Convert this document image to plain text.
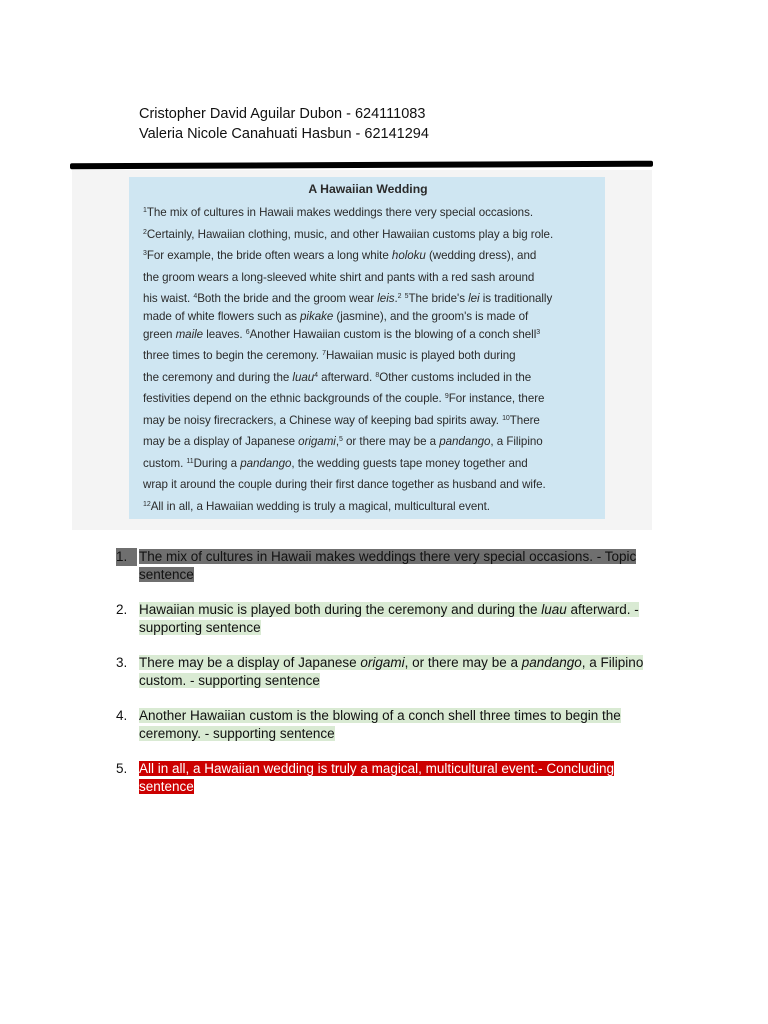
Cristopher David Aguilar Dubon - 624111083
Valeria Nicole Canahuati Hasbun - 62141294
A Hawaiian Wedding
$^1$The mix of cultures in Hawaii makes weddings there very special occasions.
$^2$Certainly, Hawaiian clothing, music, and other Hawaiian customs play a big role.
$^3$For example, the bride often wears a long white holoku (wedding dress), and
the groom wears a long-sleeved white shirt and pants with a red sash around
his waist. $^4$Both the bride and the groom wear leis.$^2$ $^5$The bride's lei is traditionally
made of white flowers such as pikake (jasmine), and the groom's is made of
green maile leaves. $^6$Another Hawaiian custom is the blowing of a conch shell$^3$
three times to begin the ceremony. $^7$Hawaiian music is played both during
the ceremony and during the luau$^4$ afterward. $^8$Other customs included in the
festivities depend on the ethnic backgrounds of the couple. $^9$For instance, there
may be noisy firecrackers, a Chinese way of keeping bad spirits away. $^{10}$There
may be a display of Japanese origami,$^5$ or there may be a pandango, a Filipino
custom. $^{11}$During a pandango, the wedding guests tape money together and
wrap it around the couple during their first dance together as husband and wife.
$^{12}$All in all, a Hawaiian wedding is truly a magical, multicultural event.
1. The mix of cultures in Hawaii makes weddings there very special occasions. - Topic sentence
2. Hawaiian music is played both during the ceremony and during the luau afterward. - supporting sentence
3. There may be a display of Japanese origami, or there may be a pandango, a Filipino custom. - supporting sentence
4. Another Hawaiian custom is the blowing of a conch shell three times to begin the ceremony. - supporting sentence
5. All in all, a Hawaiian wedding is truly a magical, multicultural event.- Concluding sentence
